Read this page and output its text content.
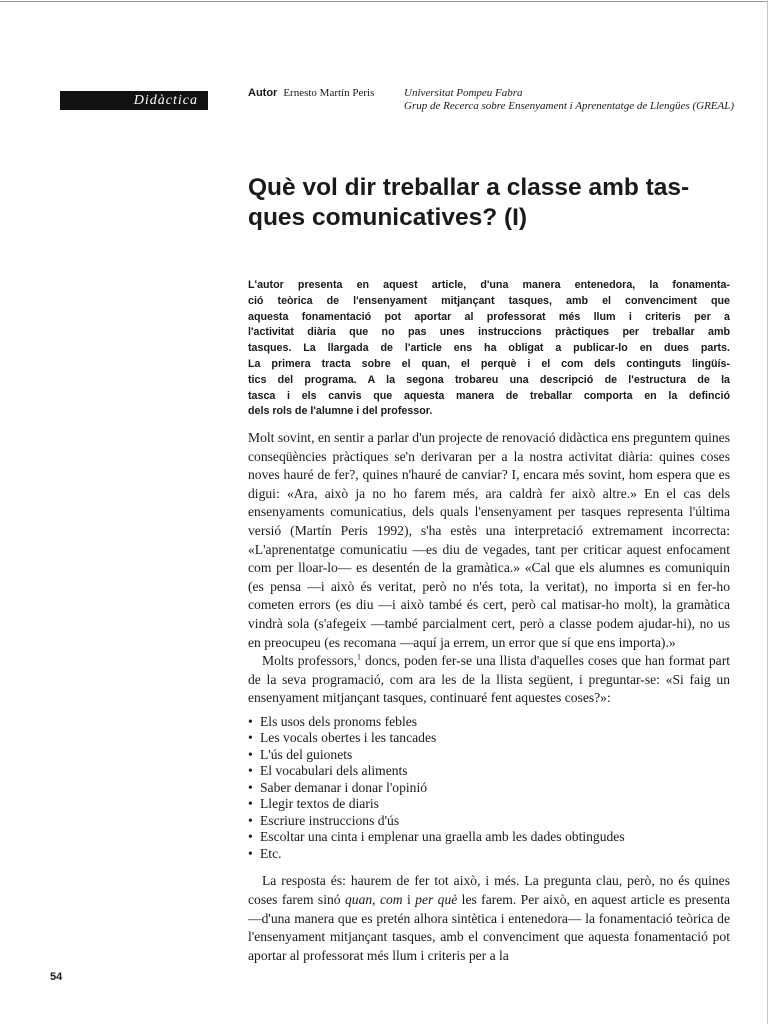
Didàctica	Autor Ernesto Martín Peris	Universitat Pompeu Fabra
Grup de Recerca sobre Ensenyament i Aprenentatge de Llengües (GREAL)
Què vol dir treballar a classe amb tas-
ques comunicatives? (I)
L'autor presenta en aquest article, d'una manera entenedora, la fonamenta-
ció teòrica de l'ensenyament mitjançant tasques, amb el convenciment que
aquesta fonamentació pot aportar al professorat més llum i criteris per a
l'activitat diària que no pas unes instruccions pràctiques per treballar amb
tasques. La llargada de l'article ens ha obligat a publicar-lo en dues parts.
La primera tracta sobre el quan, el perquè i el com dels continguts lingüís-
tics del programa. A la segona trobareu una descripció de l'estructura de la
tasca i els canvis que aquesta manera de treballar comporta en la definció
dels rols de l'alumne i del professor.

Molt sovint, en sentir a parlar d'un projecte de renovació didàctica ens preguntem quines conseqüències pràctiques se'n derivaran per a la nostra activitat diària: quines coses noves hauré de fer?, quines n'hauré de canviar? I, encara més sovint, hom espera que es digui: «Ara, això ja no ho farem més, ara caldrà fer això altre.» En el cas dels ensenyaments comunicatius, dels quals l'ensenyament per tasques representa l'última versió (Martín Peris 1992), s'ha estès una interpretació extremament incorrecta: «L'aprenentatge comunicatiu —es diu de vegades, tant per criticar aquest enfocament com per lloar-lo— es desentén de la gramàtica.» «Cal que els alumnes es comuniquin (es pensa —i això és veritat, però no n'és tota, la veritat), no importa si en fer-ho cometen errors (es diu —i això també és cert, però cal matisar-ho molt), la gramàtica vindrà sola (s'afegeix —també parcialment cert, però a classe podem ajudar-hi), no us en preocupeu (es recomana —aquí ja errem, un error que sí que ens importa).»

Molts professors,$^1$ doncs, poden fer-se una llista d'aquelles coses que han format part de la seva programació, com ara les de la llista següent, i preguntar-se: «Si faig un ensenyament mitjançant tasques, continuaré fent aquestes coses?»:

• Els usos dels pronoms febles
• Les vocals obertes i les tancades
• L'ús del guionets
• El vocabulari dels aliments
• Saber demanar i donar l'opinió
• Llegir textos de diaris
• Escriure instruccions d'ús
• Escoltar una cinta i emplenar una graella amb les dades obtingudes
• Etc.

La resposta és: haurem de fer tot això, i més. La pregunta clau, però, no és quines coses farem sinó quan, com i per què les farem. Per això, en aquest article es presenta —d'una manera que es pretén alhora sintètica i entenedora— la fonamentació teòrica de l'ensenyament mitjançant tasques, amb el convenciment que aquesta fonamentació pot aportar al professorat més llum i criteris per a la

54
